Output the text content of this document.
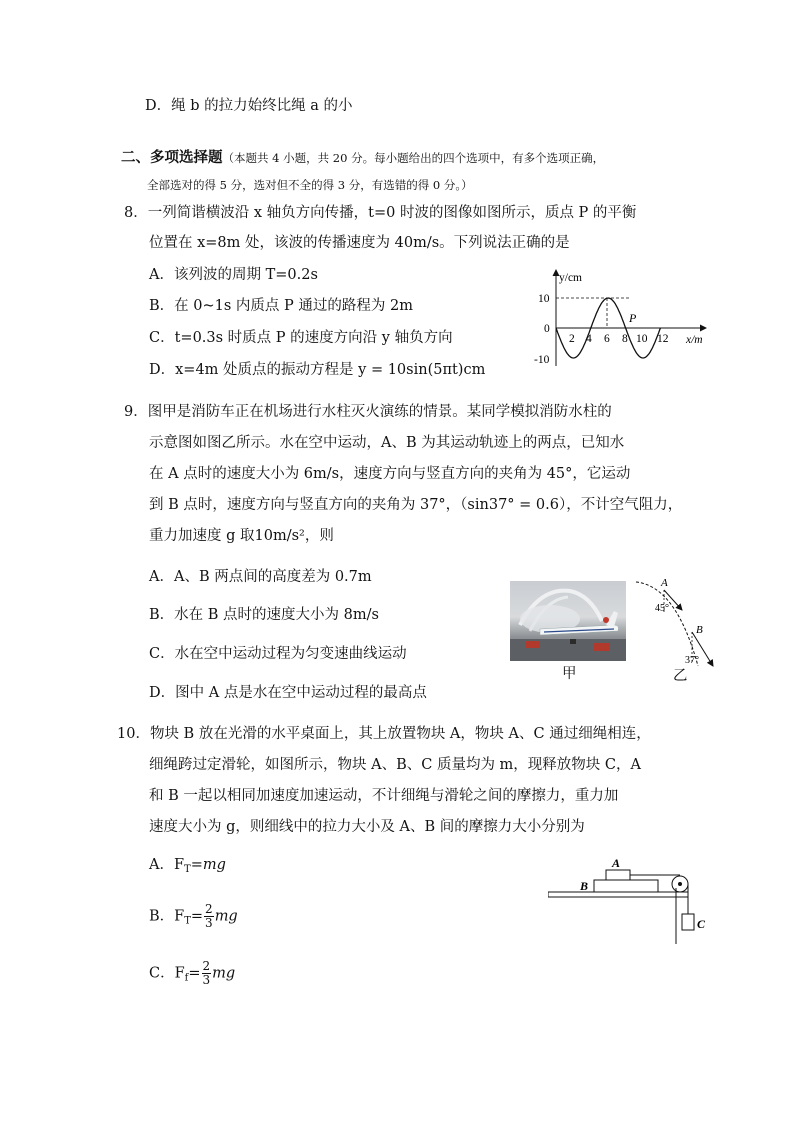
D．绳 b 的拉力始终比绳 a 的小
二、多项选择题（本题共 4 小题，共 20 分。每小题给出的四个选项中，有多个选项正确，
全部选对的得 5 分，选对但不全的得 3 分，有选错的得 0 分。）
8．一列简谐横波沿 x 轴负方向传播，t=0 时波的图像如图所示，质点 P 的平衡
位置在 x=8m 处，该波的传播速度为 40m/s。下列说法正确的是
A．该列波的周期 T=0.2s
B．在 0~1s 内质点 P 通过的路程为 2m
C．t=0.3s 时质点 P 的速度方向沿 y 轴负方向
D．x=4m 处质点的振动方程是 y = 10sin(5πt)cm
y/cm
x/m
10
0
-10
2 4 6 8 10 12
P
9．图甲是消防车正在机场进行水柱灭火演练的情景。某同学模拟消防水柱的
示意图如图乙所示。水在空中运动，A、B 为其运动轨迹上的两点，已知水
在 A 点时的速度大小为 6m/s，速度方向与竖直方向的夹角为 45°，它运动
到 B 点时，速度方向与竖直方向的夹角为 37°，（sin37° = 0.6），不计空气阻力，
重力加速度 g 取10m/s²，则
A．A、B 两点间的高度差为 0.7m
B．水在 B 点时的速度大小为 8m/s
C．水在空中运动过程为匀变速曲线运动
D．图中 A 点是水在空中运动过程的最高点
甲
A
45°
B
37°
乙
10．物块 B 放在光滑的水平桌面上，其上放置物块 A，物块 A、C 通过细绳相连，
细绳跨过定滑轮，如图所示，物块 A、B、C 质量均为 m，现释放物块 C，A
和 B 一起以相同加速度加速运动，不计细绳与滑轮之间的摩擦力，重力加
速度大小为 g，则细线中的拉力大小及 A、B 间的摩擦力大小分别为
A．$F_T=mg$
B．$F_T= \frac{2}{3}$ mg
C．$F_f= \frac{2}{3}$ mg
A
B
C
